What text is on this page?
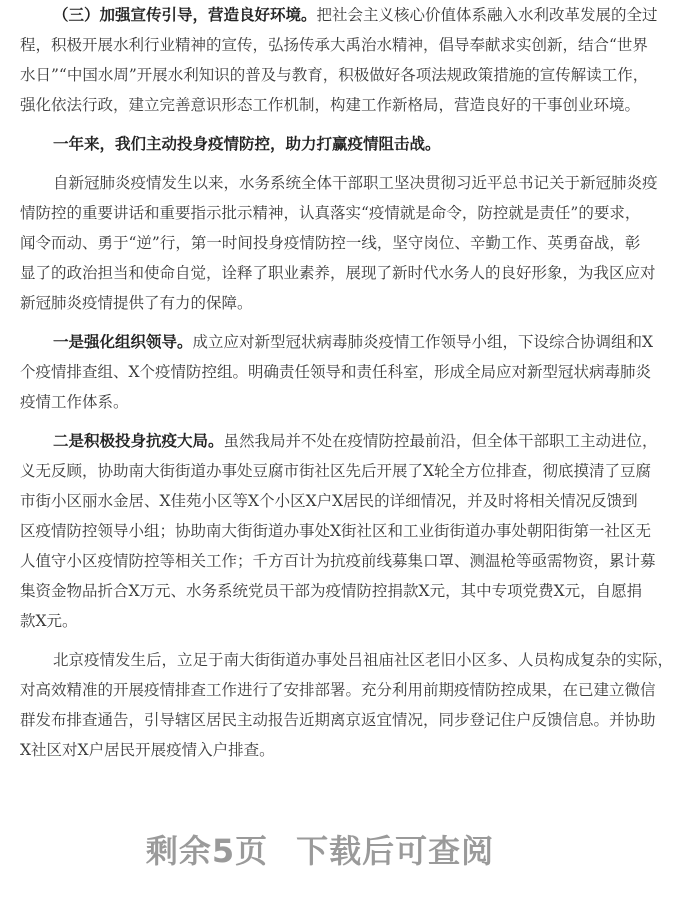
（三）加强宣传引导，营造良好环境。把社会主义核心价值体系融入水利改革发展的全过
程，积极开展水利行业精神的宣传，弘扬传承大禹治水精神，倡导奉献求实创新，结合“世界
水日”“中国水周”开展水利知识的普及与教育，积极做好各项法规政策措施的宣传解读工作，
强化依法行政，建立完善意识形态工作机制，构建工作新格局，营造良好的干事创业环境。
一年来，我们主动投身疫情防控，助力打赢疫情阻击战。
自新冠肺炎疫情发生以来，水务系统全体干部职工坚决贯彻习近平总书记关于新冠肺炎疫
情防控的重要讲话和重要指示批示精神，认真落实“疫情就是命令，防控就是责任”的要求，
闻令而动、勇于“逆”行，第一时间投身疫情防控一线，坚守岗位、辛勤工作、英勇奋战，彰
显了的政治担当和使命自觉，诠释了职业素养，展现了新时代水务人的良好形象，为我区应对
新冠肺炎疫情提供了有力的保障。
一是强化组织领导。成立应对新型冠状病毒肺炎疫情工作领导小组，下设综合协调组和X
个疫情排查组、X个疫情防控组。明确责任领导和责任科室，形成全局应对新型冠状病毒肺炎
疫情工作体系。
二是积极投身抗疫大局。虽然我局并不处在疫情防控最前沿，但全体干部职工主动进位，
义无反顾，协助南大街街道办事处豆腐市街社区先后开展了X轮全方位排查，彻底摸清了豆腐
市街小区丽水金居、X佳苑小区等X个小区X户X居民的详细情况，并及时将相关情况反馈到
区疫情防控领导小组；协助南大街街道办事处X街社区和工业街街道办事处朝阳街第一社区无
人值守小区疫情防控等相关工作；千方百计为抗疫前线募集口罩、测温枪等亟需物资，累计募
集资金物品折合X万元、水务系统党员干部为疫情防控捐款X元，其中专项党费X元，自愿捐
款X元。
北京疫情发生后，立足于南大街街道办事处吕祖庙社区老旧小区多、人员构成复杂的实际，
对高效精准的开展疫情排查工作进行了安排部署。充分利用前期疫情防控成果，在已建立微信
群发布排查通告，引导辖区居民主动报告近期离京返宜情况，同步登记住户反馈信息。并协助
X社区对X户居民开展疫情入户排查。
剩余5页 下载后可查阅
